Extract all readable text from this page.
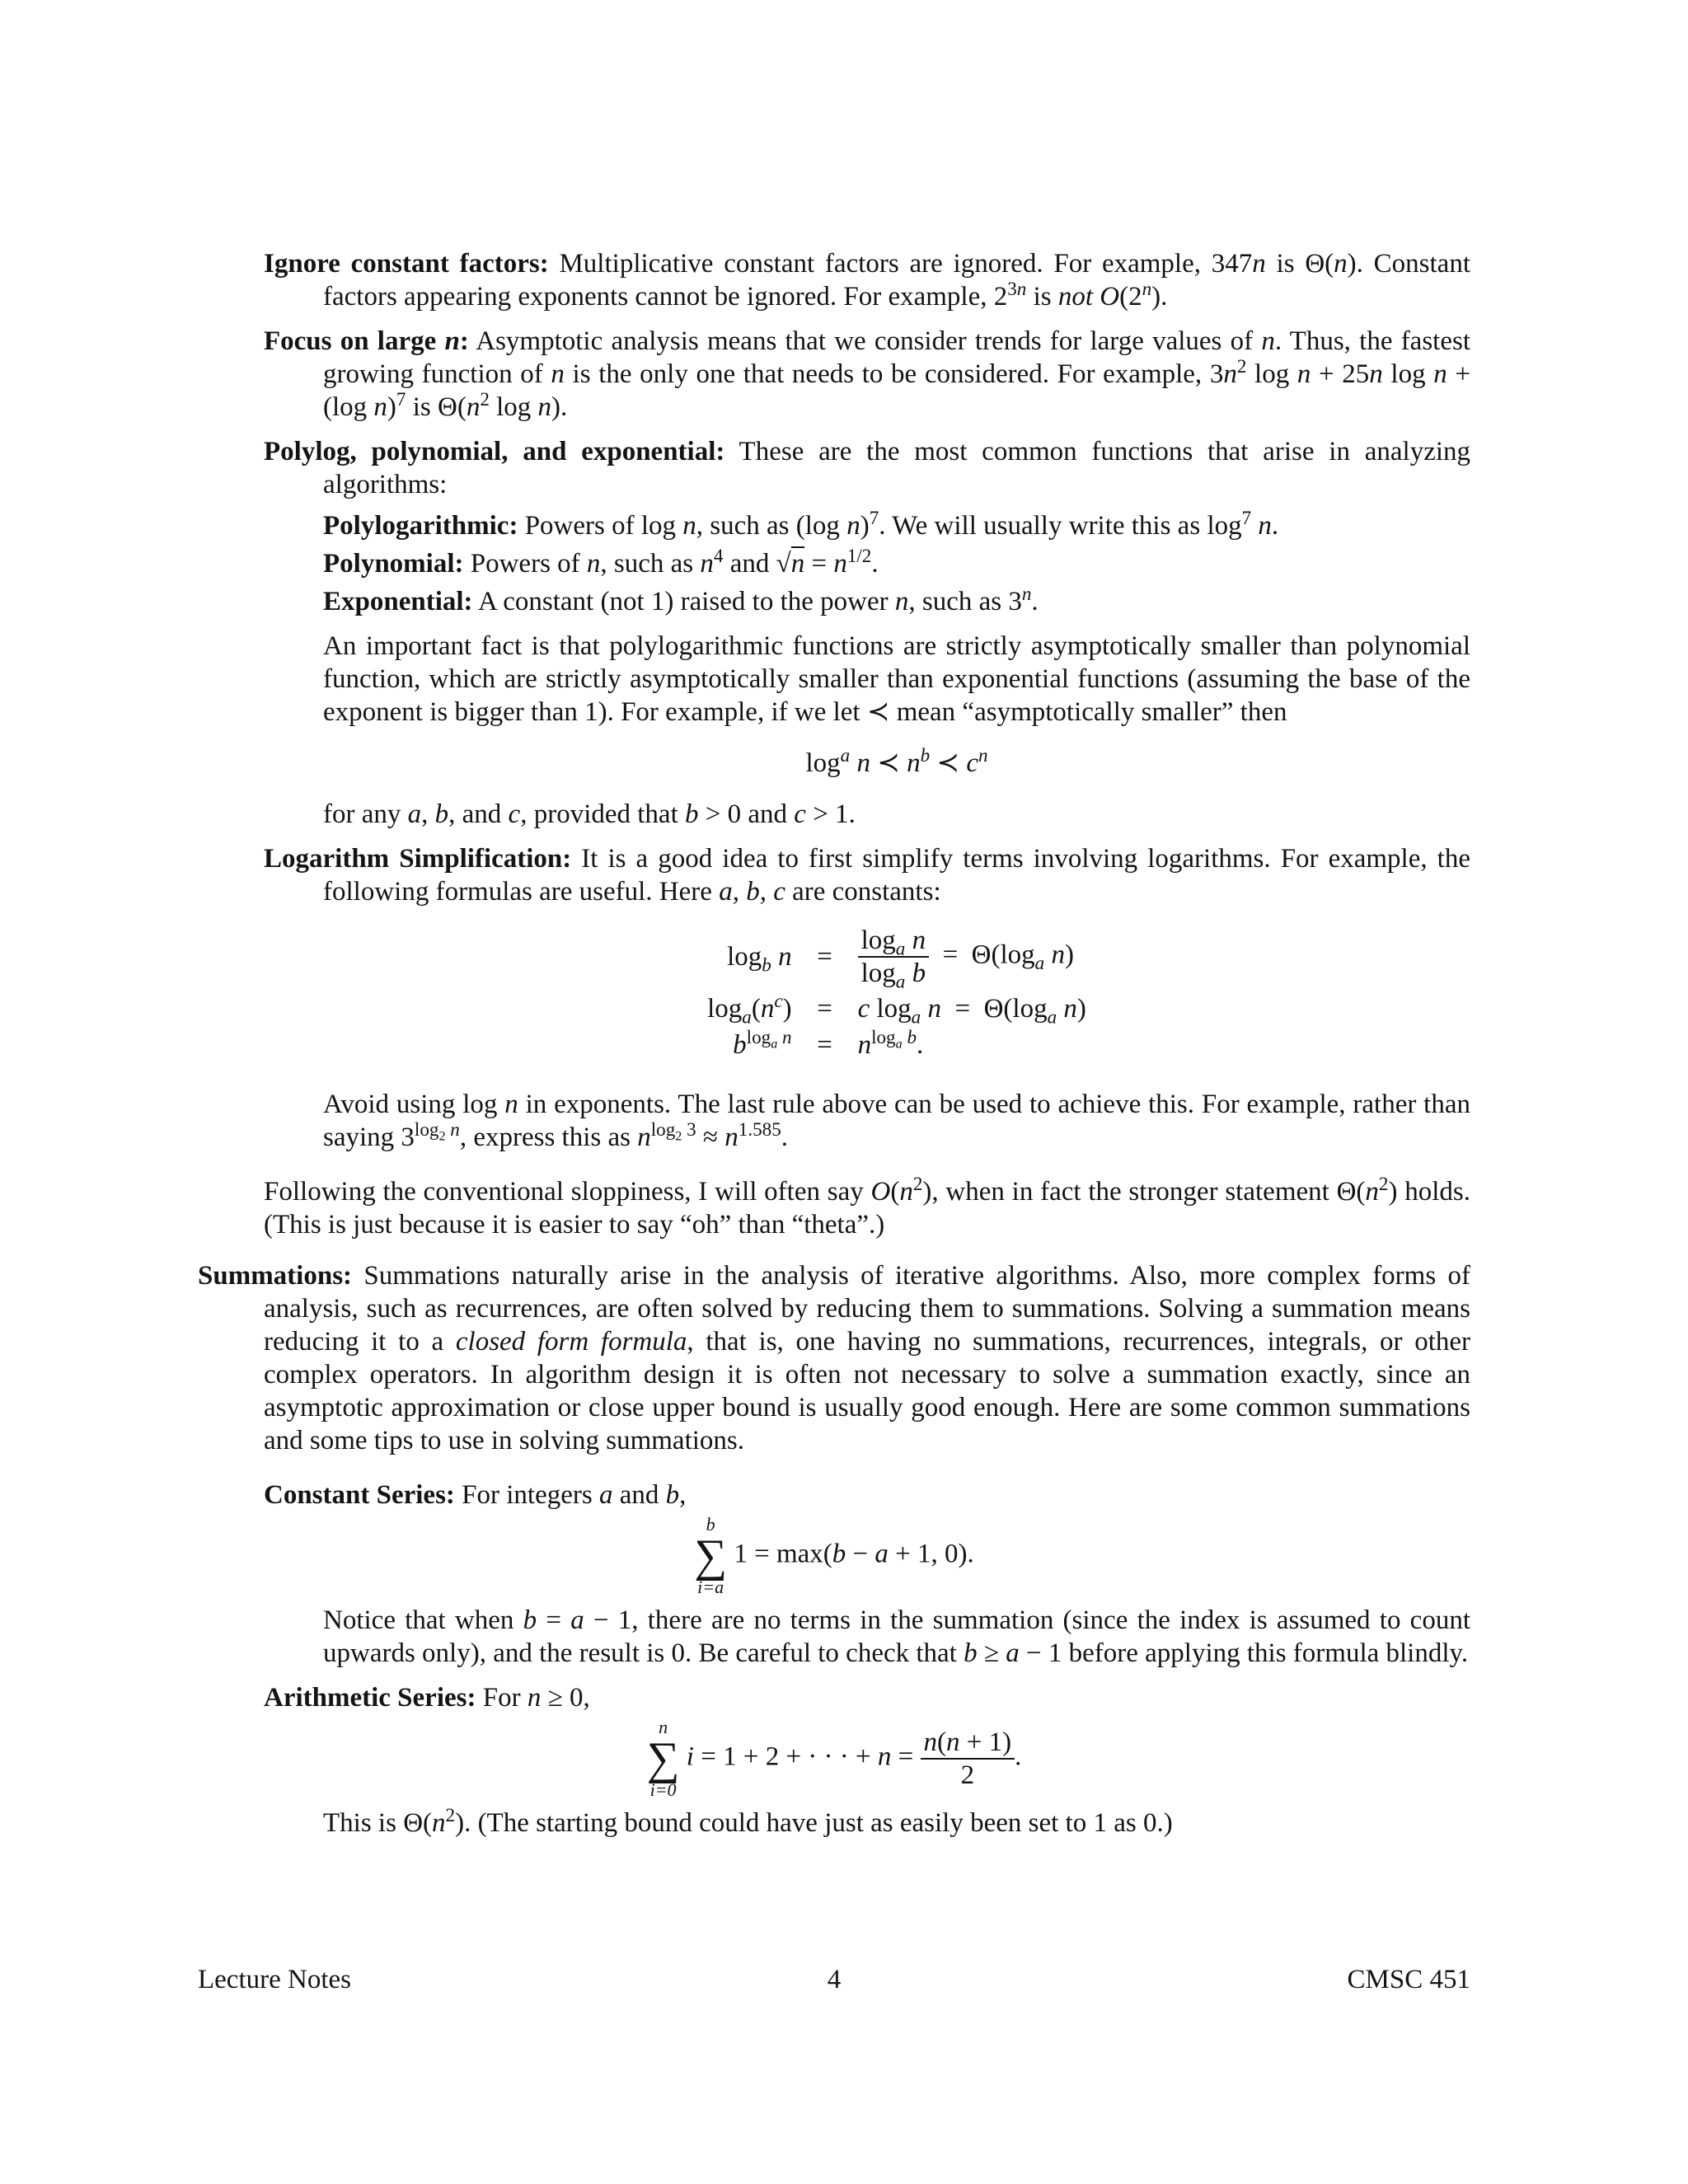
Ignore constant factors: Multiplicative constant factors are ignored. For example, 347n is Θ(n). Constant factors appearing exponents cannot be ignored. For example, $2^{3n}$ is not O(2$^n$).
Focus on large n: Asymptotic analysis means that we consider trends for large values of n. Thus, the fastest growing function of n is the only one that needs to be considered. For example, $3n^2$ log n + 25n log n + (log n)$^7$ is $\Theta(n^2$ log n).
Polylog, polynomial, and exponential: These are the most common functions that arise in analyzing algorithms:
Polylogarithmic: Powers of log n, such as (log n)$^7$. We will usually write this as $\log^7 n$.
Polynomial: Powers of n, such as $n^4$ and $√n = n^{1/2}$.
Exponential: A constant (not 1) raised to the power n, such as 3$^n$.
An important fact is that polylogarithmic functions are strictly asymptotically smaller than polynomial function, which are strictly asymptotically smaller than exponential functions (assuming the base of the exponent is bigger than 1). For example, if we let ≺ mean “asymptotically smaller” then
$\log^a n$ ≺ $n^b$ ≺ $c^n$
for any a, b, and c, provided that b > 0 and c > 1.
Logarithm Simplification: It is a good idea to first simplify terms involving logarithms. For example, the following formulas are useful. Here a, b, c are constants:
$\log_b n$	=	$\frac{\log_a n}{\log_a b} = \Theta(\log_a$ n)
$\log_a(n^c)$	=	c $\log_a n = \Theta(\log_a$ n)
$b^{log_a n}$	=	$n^{log_a b}$.
Avoid using log n in exponents. The last rule above can be used to achieve this. For example, rather than saying $3^{log_2 n}$, express this as $n^{log_2 3} \approx n^{1.585}$.
Following the conventional sloppiness, I will often say $O(n^2)$, when in fact the stronger statement $\Theta(n^2)$ holds. (This is just because it is easier to say “oh” than “theta”.)
Summations: Summations naturally arise in the analysis of iterative algorithms. Also, more complex forms of analysis, such as recurrences, are often solved by reducing them to summations. Solving a summation means reducing it to a closed form formula, that is, one having no summations, recurrences, integrals, or other complex operators. In algorithm design it is often not necessary to solve a summation exactly, since an asymptotic approximation or close upper bound is usually good enough. Here are some common summations and some tips to use in solving summations.
Constant Series: For integers a and b,
b
∑
i=a
1 = max(b − a + 1, 0).
Notice that when b = a − 1, there are no terms in the summation (since the index is assumed to count upwards only), and the result is 0. Be careful to check that b ≥ a − 1 before applying this formula blindly.
Arithmetic Series: For n ≥ 0,
n
∑
i=0
i = 1 + 2 + · · · + $n = \frac{n(n + 1)}{2}$ .
This is $\Theta(n^2)$. (The starting bound could have just as easily been set to 1 as 0.)
Lecture Notes	4	CMSC 451
